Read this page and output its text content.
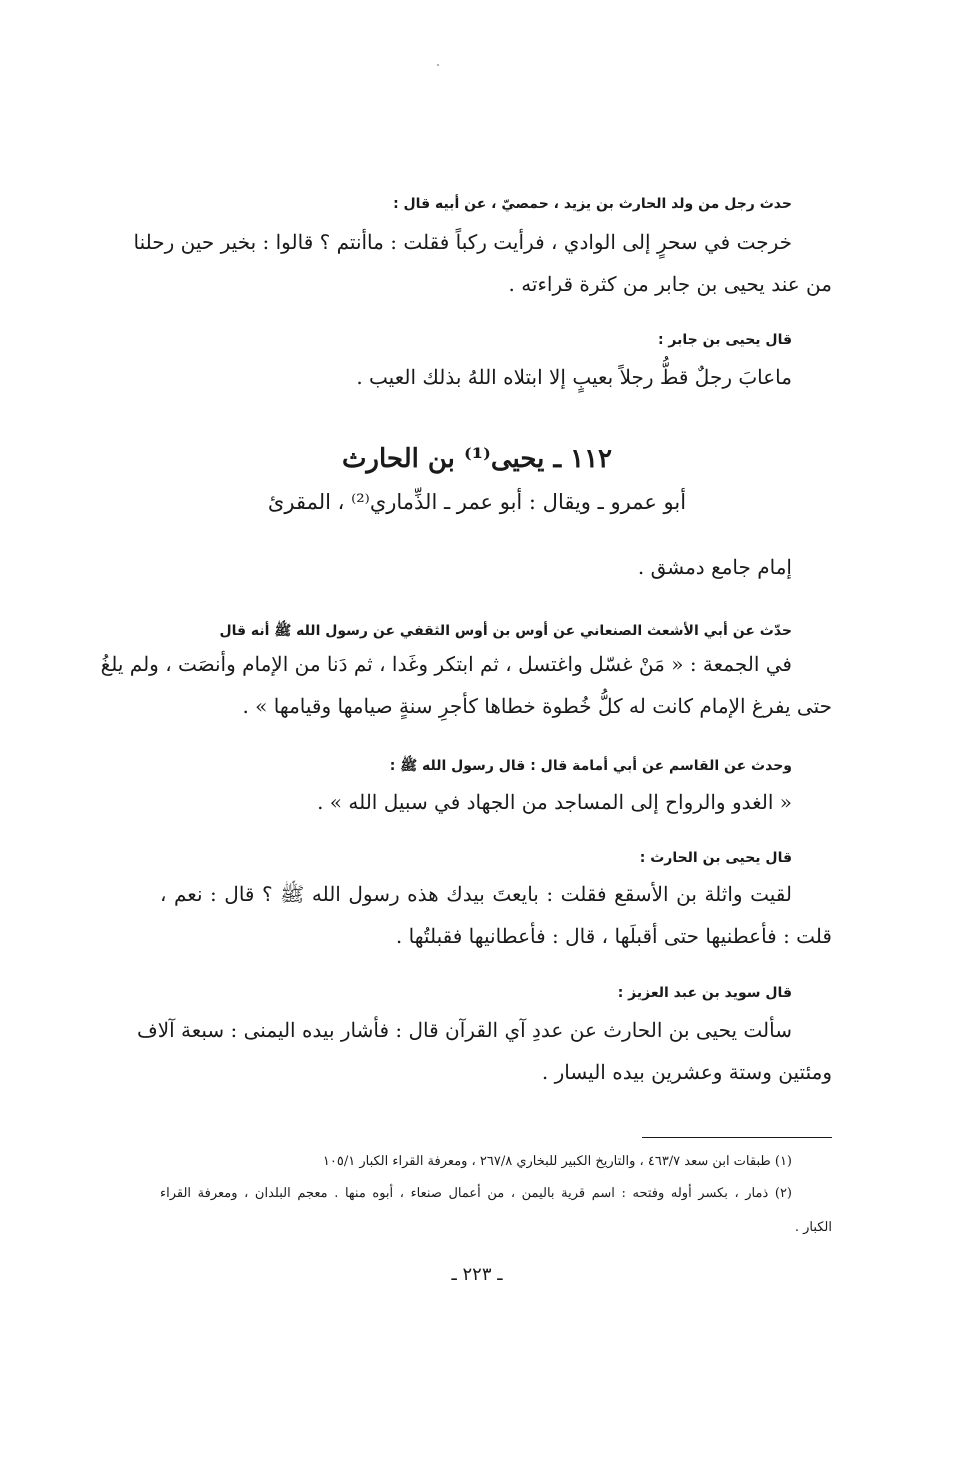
حدث رجل من ولد الحارث بن يزيد ، حمصيّ ، عن أبيه قال :
خرجت في سحرٍ إلى الوادي ، فرأيت ركباً فقلت : ماأنتم ؟ قالوا : بخير حين رحلنا
من عند يحيى بن جابر من كثرة قراءته .
قال يحيى بن جابر :
ماعابَ رجلٌ قطُّ رجلاً بعيبٍ إلا ابتلاه اللهُ بذلك العيب .
١١٢ ـ يحيى⁽¹⁾ بن الحارث
أبو عمرو ـ ويقال : أبو عمر ـ الذِّماري⁽²⁾ ، المقرئ
إمام جامع دمشق .
حدّث عن أبي الأشعث الصنعاني عن أوس بن أوس الثقفي عن رسول الله ﷺ أنه قال
في الجمعة : « مَنْ غسّل واغتسل ، ثم ابتكر وغَدا ، ثم دَنا من الإمام وأنصَت ، ولم يلغُ
حتى يفرغ الإمام كانت له كلُّ خُطوة خطاها كأجرِ سنةٍ صيامها وقيامها » .
وحدث عن القاسم عن أبي أمامة قال : قال رسول الله ﷺ :
« الغدو والرواح إلى المساجد من الجهاد في سبيل الله » .
قال يحيى بن الحارث :
لقيت واثلة بن الأسقع فقلت : بايعتَ بيدك هذه رسول الله ﷺ ؟ قال : نعم ،
قلت : فأعطنيها حتى أقبلَها ، قال : فأعطانيها فقبلتُها .
قال سويد بن عبد العزيز :
سألت يحيى بن الحارث عن عددِ آي القرآن قال : فأشار بيده اليمنى : سبعة آلاف
ومئتين وستة وعشرين بيده اليسار .
(١) طبقات ابن سعد ٤٦٣/٧ ، والتاريخ الكبير للبخاري ٢٦٧/٨ ، ومعرفة القراء الكبار ١٠٥/١
(٢) ذمار ، بكسر أوله وفتحه : اسم قرية باليمن ، من أعمال صنعاء ، أبوه منها . معجم البلدان ، ومعرفة القراء
الكبار .
ـ ٢٢٣ ـ
